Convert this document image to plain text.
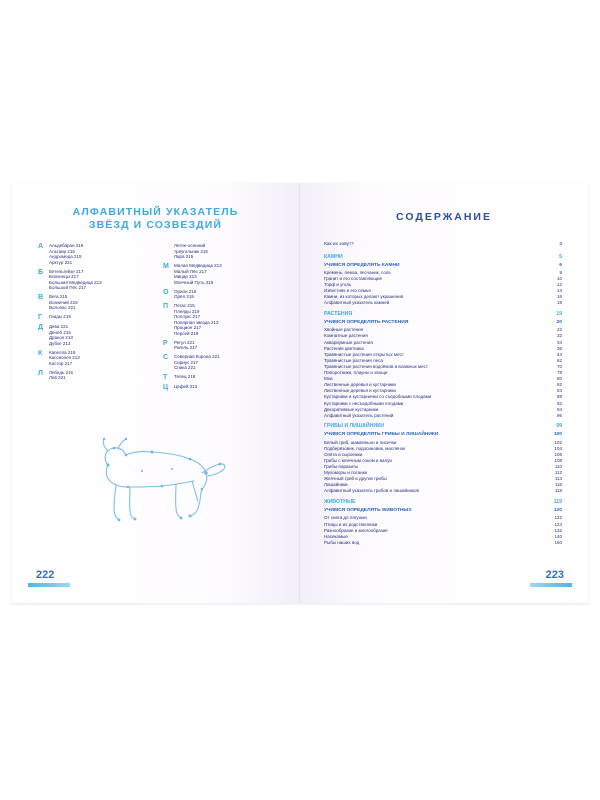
АЛФАВИТНЫЙ УКАЗАТЕЛЬ
ЗВЁЗД И СОЗВЕЗДИЙ
А	Альдебаран 219
Альтаир 215
Андромеда 215
Арктур 221
Б	Бетельгейзе 217
Близнецы 217
Большая Медведица 213
Большой Пёс 217
В	Вега 215
Возничий 219
Волопас 221
Г	Гиады 219
Д	Дева 221
Денеб 215
Дракон 213
Дубхе 213
К	Капелла 219
Кассиопея 213
Кастор 217
Л	Лебедь 215
Лев 221
Летне-осенний
треугольник 215
Лира 215
М	Малая Медведица 213
Малый Пёс 217
Мицар 213
Млечный Путь 215
О	Орион 215
Орёл 215
П	Пегас 215
Плеяды 219
Поллукс 217
Полярная звезда 213
Процион 217
Персей 219
Р	Регул 221
Ригель 217
С	Северная Корона 221
Сириус 217
Спика 221
Т	Телец 219
Ц	Цефей 213
222
СОДЕРЖАНИЕ
Как их зовут?	3
КАМНИ	5
УЧИМСЯ ОПРЕДЕЛЯТЬ КАМНИ	6
Кремень, пемза, песчаник, соль	8
Гранит и его составляющие	10
Торф и уголь	12
Известняк и его семья	14
Камни, из которых делают украшения	16
Алфавитный указатель камней	18
РАСТЕНИЯ	19
УЧИМСЯ ОПРЕДЕЛЯТЬ РАСТЕНИЯ	20
Хвойные растения	22
Комнатные растения	32
Аквариумные растения	34
Растения цветника	36
Травянистые растения открытых мест	44
Травянистые растения леса	62
Травянистые растения водоёмов и влажных мест	70
Папоротники, плауны и хвощи	78
Мхи	80
Лиственные деревья и кустарники	82
Лиственные деревья и кустарники	84
Кустарники и кустарнички со съедобными плодами	88
Кустарники с несъедобными плодами	92
Декоративные кустарники	94
Алфавитный указатель растений	96
ГРИБЫ И ЛИШАЙНИКИ	99
УЧИМСЯ ОПРЕДЕЛЯТЬ ГРИБЫ И ЛИШАЙНИКИ	100
Белый гриб, шампиньон и лисички	102
Подберёзовик, подосиновик, маслёнок	104
Опята и сыроежки	106
Грибы с млечным соком и валуи	108
Грибы-паразиты	110
Мухоморы и поганки	112
Желчный гриб и другие грибы	114
Лишайники	116
Алфавитный указатель грибов и лишайников	118
ЖИВОТНЫЕ	119
УЧИМСЯ ОПРЕДЕЛЯТЬ ЖИВОТНЫХ	120
От снега до лягушки	122
Птицы и их родственники	124
Разнообразие и многообразие	132
Насекомые	140
Рыбы наших вод	160
223
